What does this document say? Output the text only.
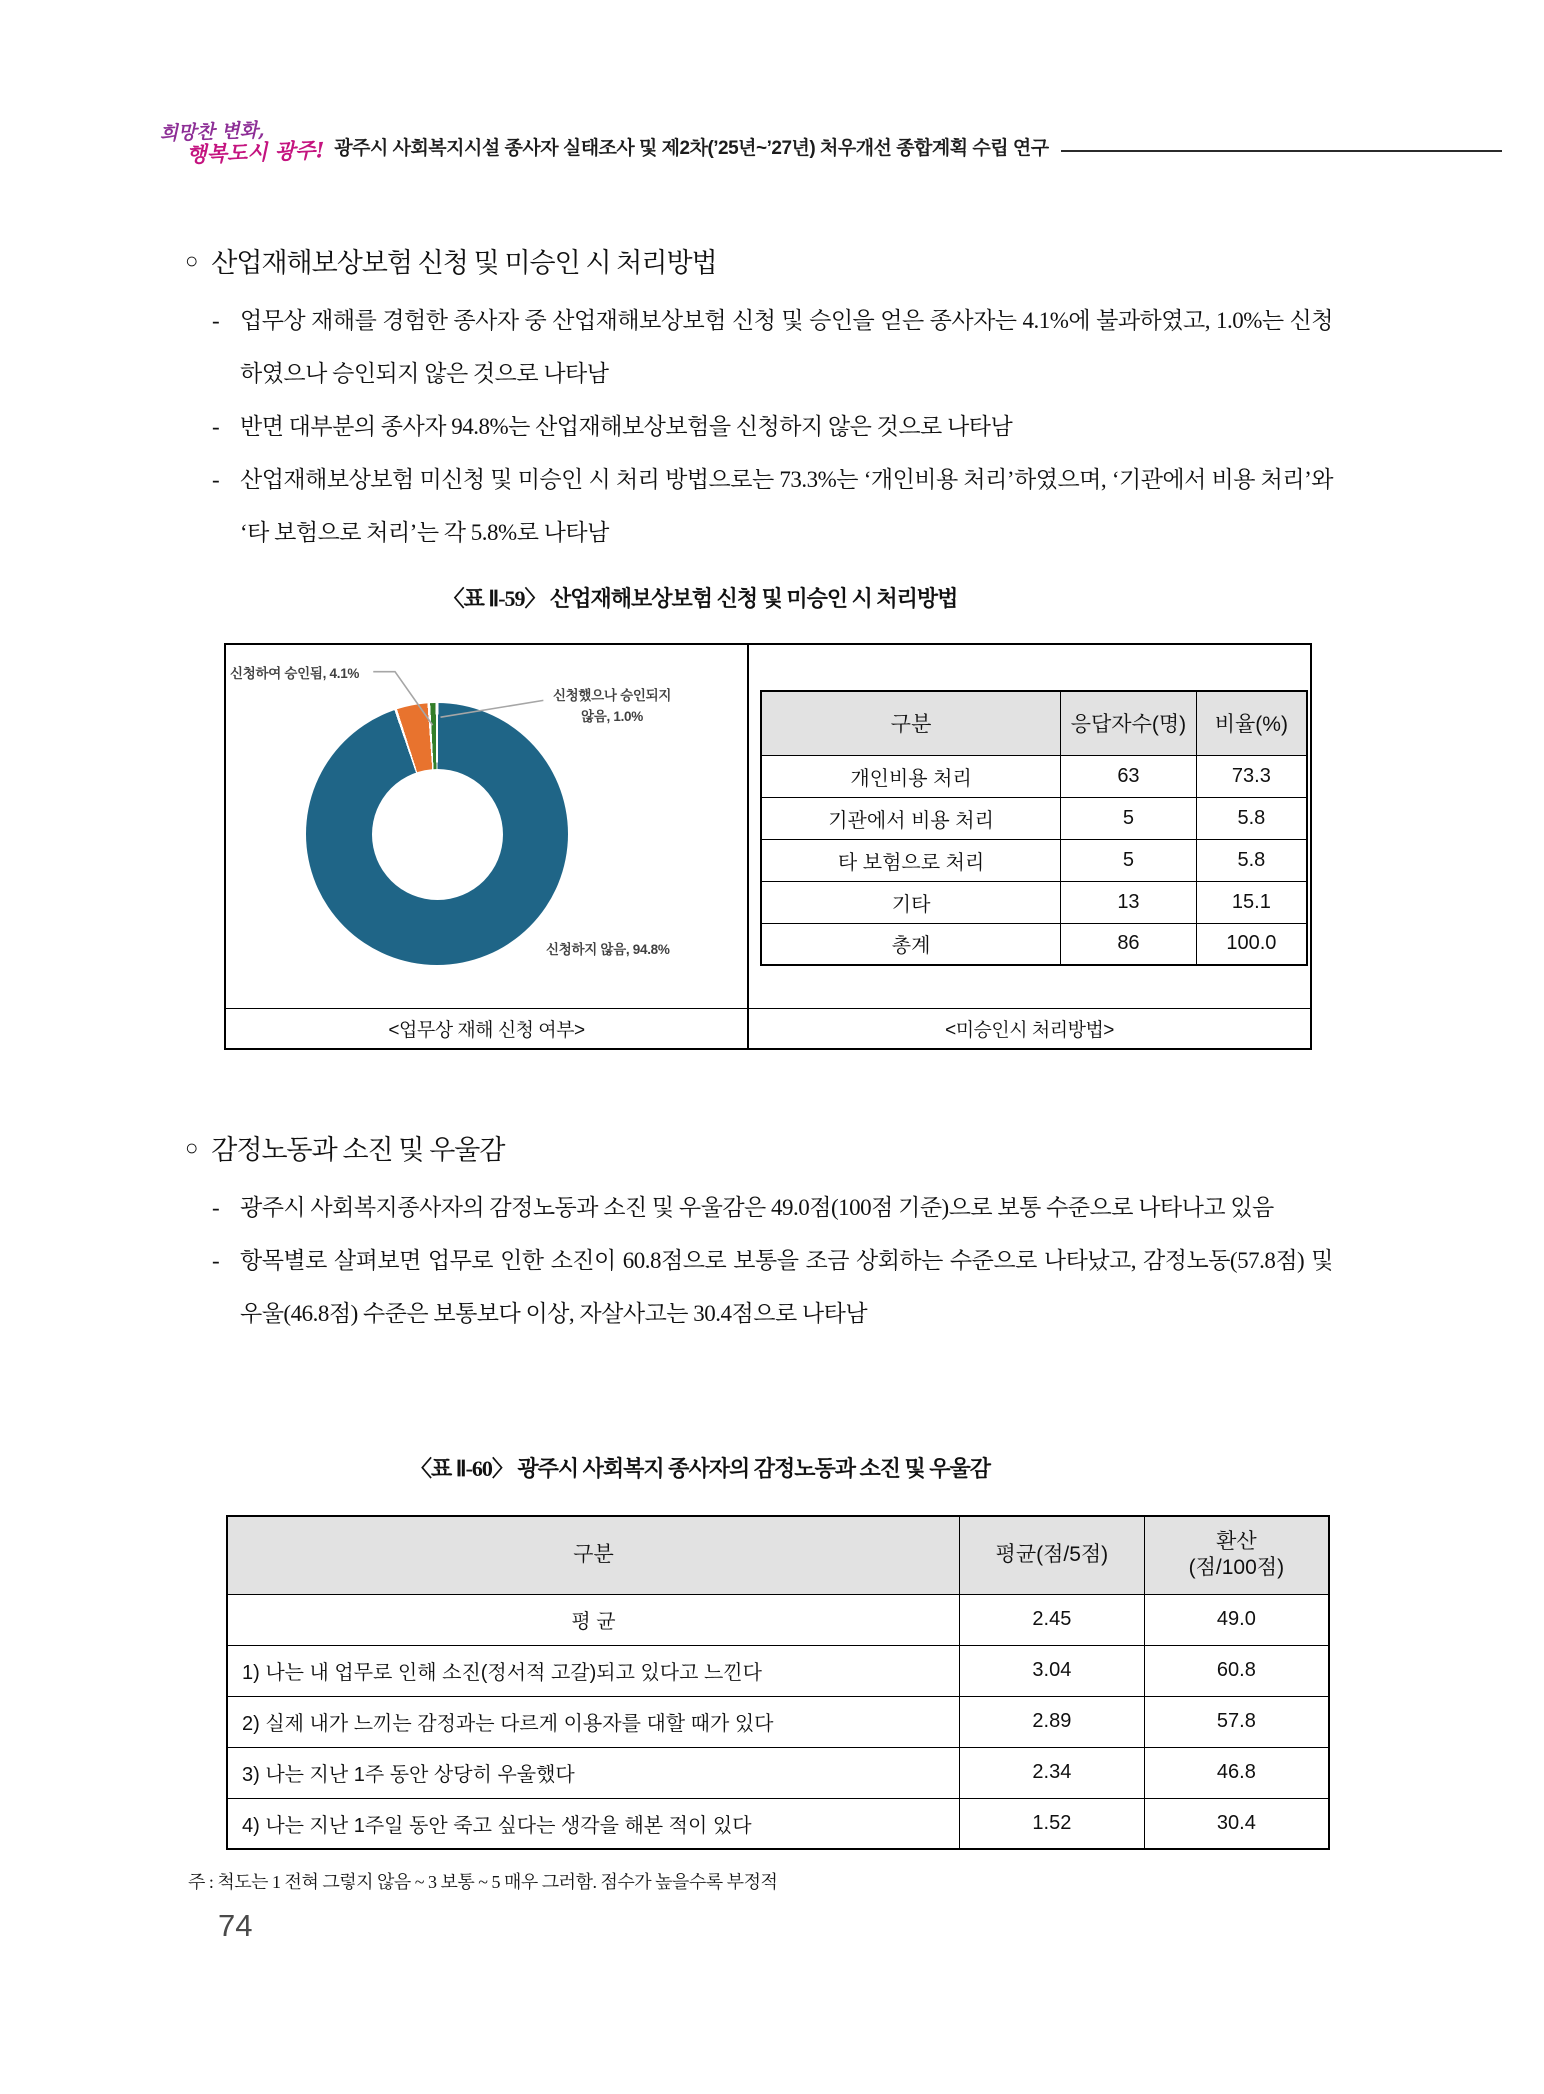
희망찬 변화,
행복도시 광주! 광주시 사회복지시설 종사자 실태조사 및 제2차(’25년~’27년) 처우개선 종합계획 수립 연구
○ 산업재해보상보험 신청 및 미승인 시 처리방법
- 업무상 재해를 경험한 종사자 중 산업재해보상보험 신청 및 승인을 얻은 종사자는 4.1%에 불과하였고, 1.0%는 신청하였으나 승인되지 않은 것으로 나타남
- 반면 대부분의 종사자 94.8%는 산업재해보상보험을 신청하지 않은 것으로 나타남
- 산업재해보상보험 미신청 및 미승인 시 처리 방법으로는 73.3%는 ‘개인비용 처리’하였으며, ‘기관에서 비용 처리’와 ‘타 보험으로 처리’는 각 5.8%로 나타남
〈표 Ⅱ-59〉 산업재해보상보험 신청 및 미승인 시 처리방법
신청하여 승인됨, 4.1%
신청했으나 승인되지
않음, 1.0%
신청하지 않음, 94.8%
구분	응답자수(명)	비율(%)
개인비용 처리	63	73.3
기관에서 비용 처리	5	5.8
타 보험으로 처리	5	5.8
기타	13	15.1
총계	86	100.0
<업무상 재해 신청 여부>	<미승인시 처리방법>
○ 감정노동과 소진 및 우울감
- 광주시 사회복지종사자의 감정노동과 소진 및 우울감은 49.0점(100점 기준)으로 보통 수준으로 나타나고 있음
- 항목별로 살펴보면 업무로 인한 소진이 60.8점으로 보통을 조금 상회하는 수준으로 나타났고, 감정노동(57.8점) 및 우울(46.8점) 수준은 보통보다 이상, 자살사고는 30.4점으로 나타남
〈표 Ⅱ-60〉 광주시 사회복지 종사자의 감정노동과 소진 및 우울감
구분	평균(점/5점)	환산
(점/100점)

평 균	2.45	49.0
1) 나는 내 업무로 인해 소진(정서적 고갈)되고 있다고 느낀다	3.04	60.8
2) 실제 내가 느끼는 감정과는 다르게 이용자를 대할 때가 있다	2.89	57.8
3) 나는 지난 1주 동안 상당히 우울했다	2.34	46.8
4) 나는 지난 1주일 동안 죽고 싶다는 생각을 해본 적이 있다	1.52	30.4
주 : 척도는 1 전혀 그렇지 않음 ~ 3 보통 ~ 5 매우 그러함. 점수가 높을수록 부정적
74
